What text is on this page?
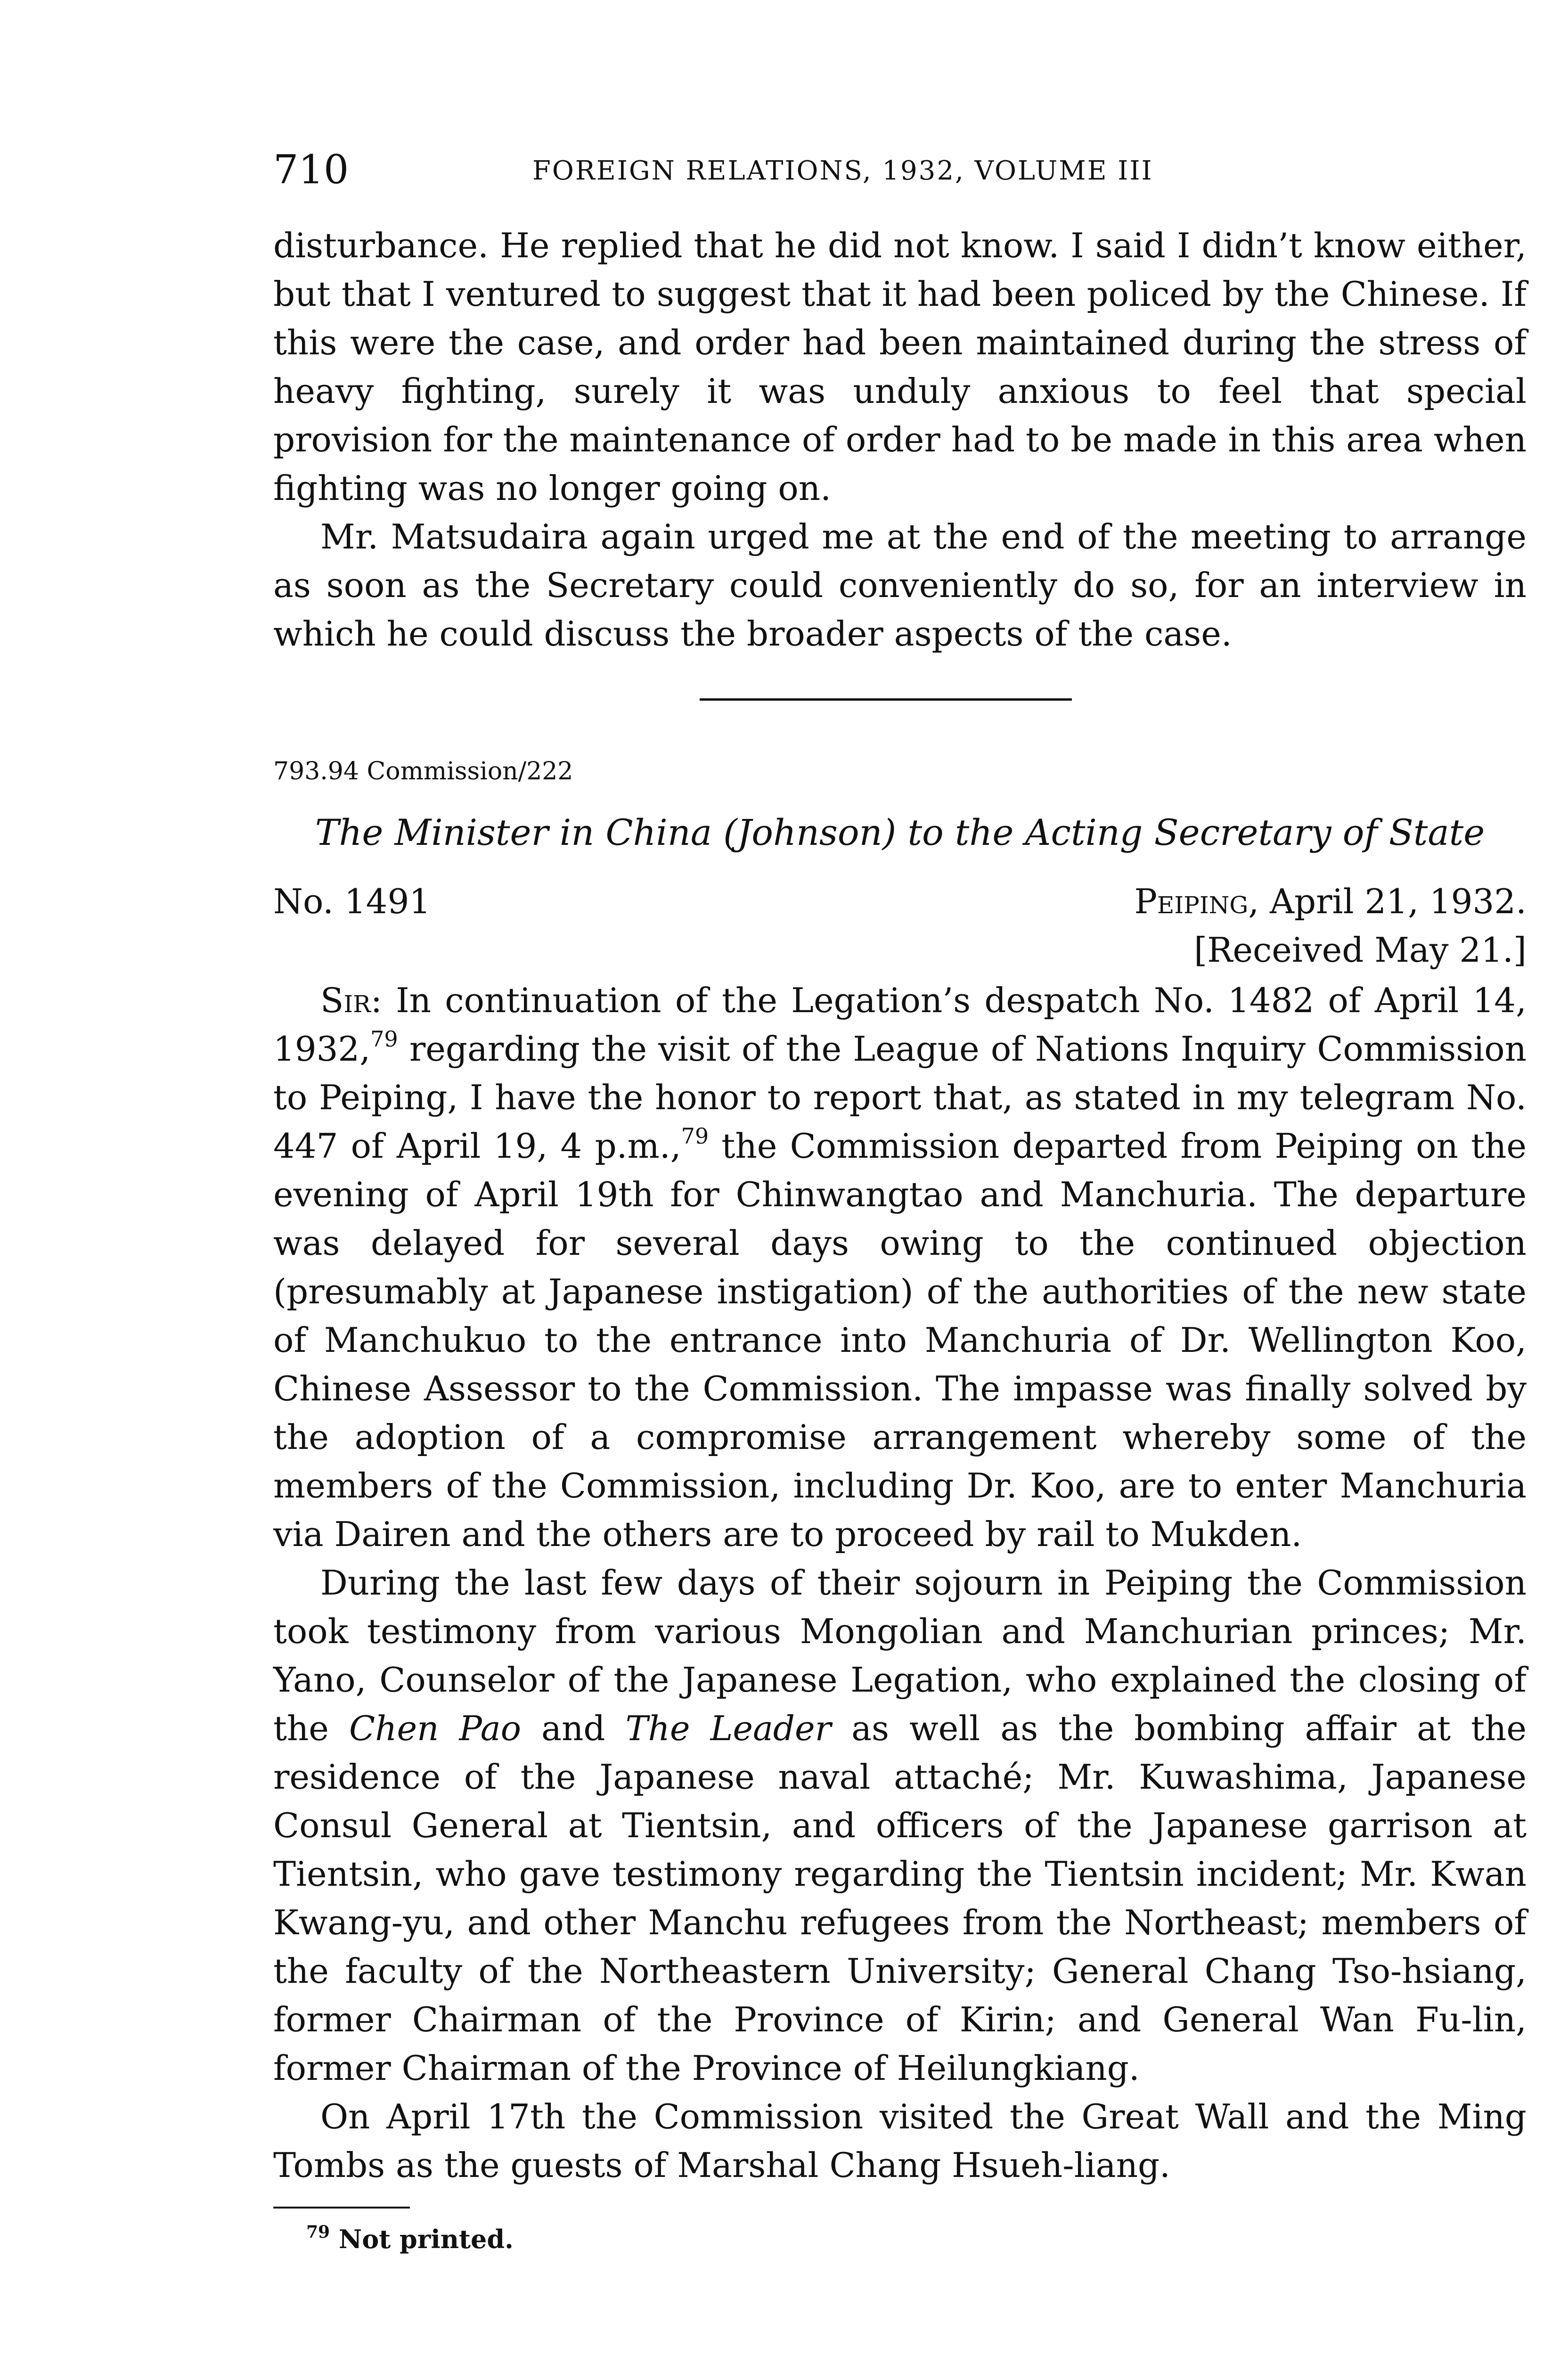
710	FOREIGN RELATIONS, 1932, VOLUME III

disturbance. He replied that he did not know. I said I didn’t know either, but that I ventured to suggest that it had been policed by the Chinese. If this were the case, and order had been maintained during the stress of heavy fighting, surely it was unduly anxious to feel that special provision for the maintenance of order had to be made in this area when fighting was no longer going on.

Mr. Matsudaira again urged me at the end of the meeting to arrange as soon as the Secretary could conveniently do so, for an interview in which he could discuss the broader aspects of the case.

793.94 Commission/222
The Minister in China (Johnson) to the Acting Secretary of State
No. 1491	Peiping, April 21, 1932.
[Received May 21.]

Sir: In continuation of the Legation’s despatch No. 1482 of April 14, 1932,79 regarding the visit of the League of Nations Inquiry Commission to Peiping, I have the honor to report that, as stated in my telegram No. 447 of April 19, 4 p.m.,$^{79}$ the Commission departed from Peiping on the evening of April 19th for Chinwangtao and Manchuria. The departure was delayed for several days owing to the continued objection (presumably at Japanese instigation) of the authorities of the new state of Manchukuo to the entrance into Manchuria of Dr. Wellington Koo, Chinese Assessor to the Commission. The impasse was finally solved by the adoption of a compromise arrangement whereby some of the members of the Commission, including Dr. Koo, are to enter Manchuria via Dairen and the others are to proceed by rail to Mukden.

During the last few days of their sojourn in Peiping the Commission took testimony from various Mongolian and Manchurian princes; Mr. Yano, Counselor of the Japanese Legation, who explained the closing of the Chen Pao and The Leader as well as the bombing affair at the residence of the Japanese naval attaché; Mr. Kuwashima, Japanese Consul General at Tientsin, and officers of the Japanese garrison at Tientsin, who gave testimony regarding the Tientsin incident; Mr. Kwan Kwang-yu, and other Manchu refugees from the Northeast; members of the faculty of the Northeastern University; General Chang Tso-hsiang, former Chairman of the Province of Kirin; and General Wan Fu-lin, former Chairman of the Province of Heilungkiang.

On April 17th the Commission visited the Great Wall and the Ming Tombs as the guests of Marshal Chang Hsueh-liang.

$^{79}$ Not printed.
